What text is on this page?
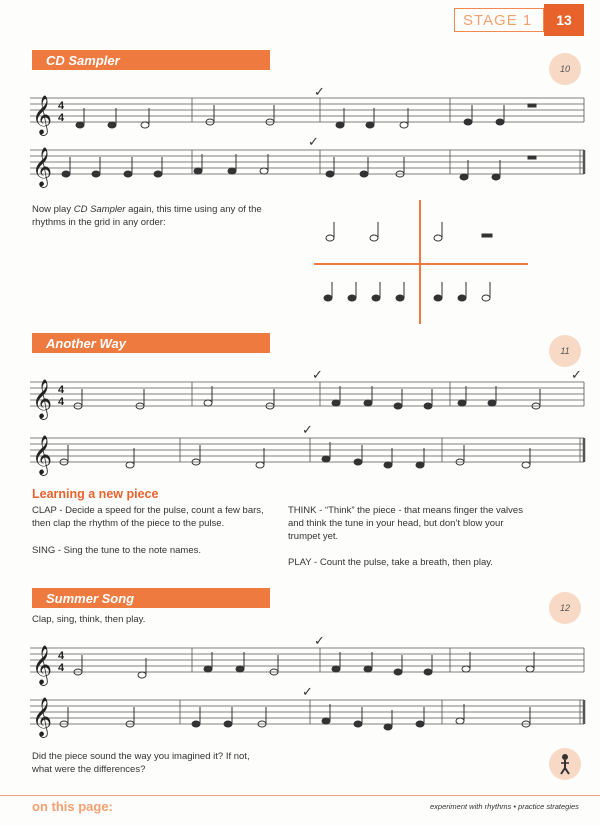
STAGE 1	13
CD Sampler
10
𝄞 4
4
✓
𝄞
✓
Now play CD Sampler again, this time using any of the rhythms in the grid in any order:
Another Way
11
𝄞 4
4
✓	✓
𝄞
✓
Learning a new piece
CLAP - Decide a speed for the pulse, count a few bars, then clap the rhythm of the piece to the pulse.
SING - Sing the tune to the note names.
THINK - “Think” the piece - that means finger the valves and think the tune in your head, but don’t blow your trumpet yet.
PLAY - Count the pulse, take a breath, then play.
Summer Song
12
Clap, sing, think, then play.
𝄞 4
4
✓
𝄞
✓
Did the piece sound the way you imagined it? If not, what were the differences?
on this page:	experiment with rhythms • practice strategies
